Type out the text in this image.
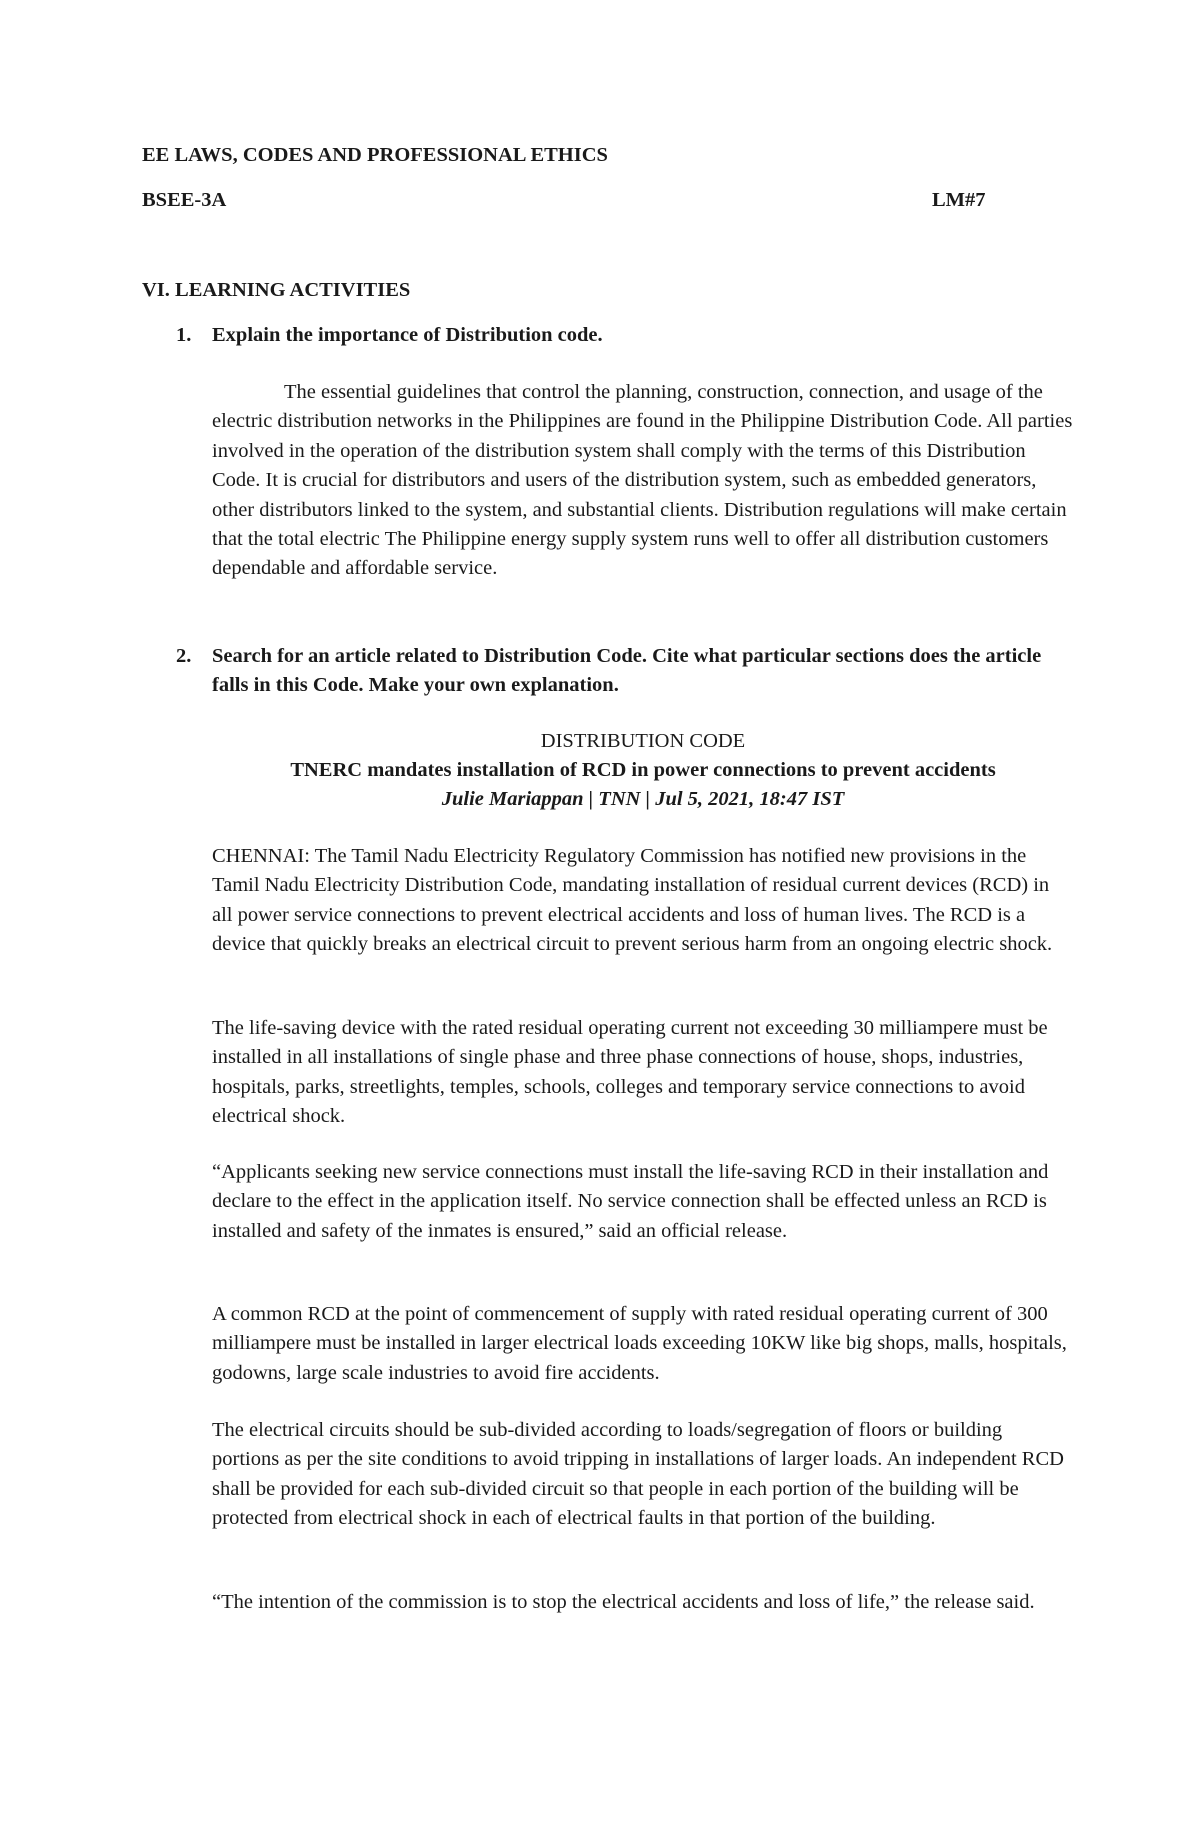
EE LAWS, CODES AND PROFESSIONAL ETHICS

BSEE-3A	LM#7

VI. LEARNING ACTIVITIES

1. Explain the importance of Distribution code.

The essential guidelines that control the planning, construction, connection, and usage of the electric distribution networks in the Philippines are found in the Philippine Distribution Code. All parties involved in the operation of the distribution system shall comply with the terms of this Distribution Code. It is crucial for distributors and users of the distribution system, such as embedded generators, other distributors linked to the system, and substantial clients. Distribution regulations will make certain that the total electric The Philippine energy supply system runs well to offer all distribution customers dependable and affordable service.

2. Search for an article related to Distribution Code. Cite what particular sections does the article falls in this Code. Make your own explanation.

DISTRIBUTION CODE

TNERC mandates installation of RCD in power connections to prevent accidents

Julie Mariappan | TNN | Jul 5, 2021, 18:47 IST

CHENNAI: The Tamil Nadu Electricity Regulatory Commission has notified new provisions in the Tamil Nadu Electricity Distribution Code, mandating installation of residual current devices (RCD) in all power service connections to prevent electrical accidents and loss of human lives. The RCD is a device that quickly breaks an electrical circuit to prevent serious harm from an ongoing electric shock.

The life-saving device with the rated residual operating current not exceeding 30 milliampere must be installed in all installations of single phase and three phase connections of house, shops, industries, hospitals, parks, streetlights, temples, schools, colleges and temporary service connections to avoid electrical shock.

“Applicants seeking new service connections must install the life-saving RCD in their installation and declare to the effect in the application itself. No service connection shall be effected unless an RCD is installed and safety of the inmates is ensured,” said an official release.

A common RCD at the point of commencement of supply with rated residual operating current of 300 milliampere must be installed in larger electrical loads exceeding 10KW like big shops, malls, hospitals, godowns, large scale industries to avoid fire accidents.

The electrical circuits should be sub-divided according to loads/segregation of floors or building portions as per the site conditions to avoid tripping in installations of larger loads. An independent RCD shall be provided for each sub-divided circuit so that people in each portion of the building will be protected from electrical shock in each of electrical faults in that portion of the building.

“The intention of the commission is to stop the electrical accidents and loss of life,” the release said.
